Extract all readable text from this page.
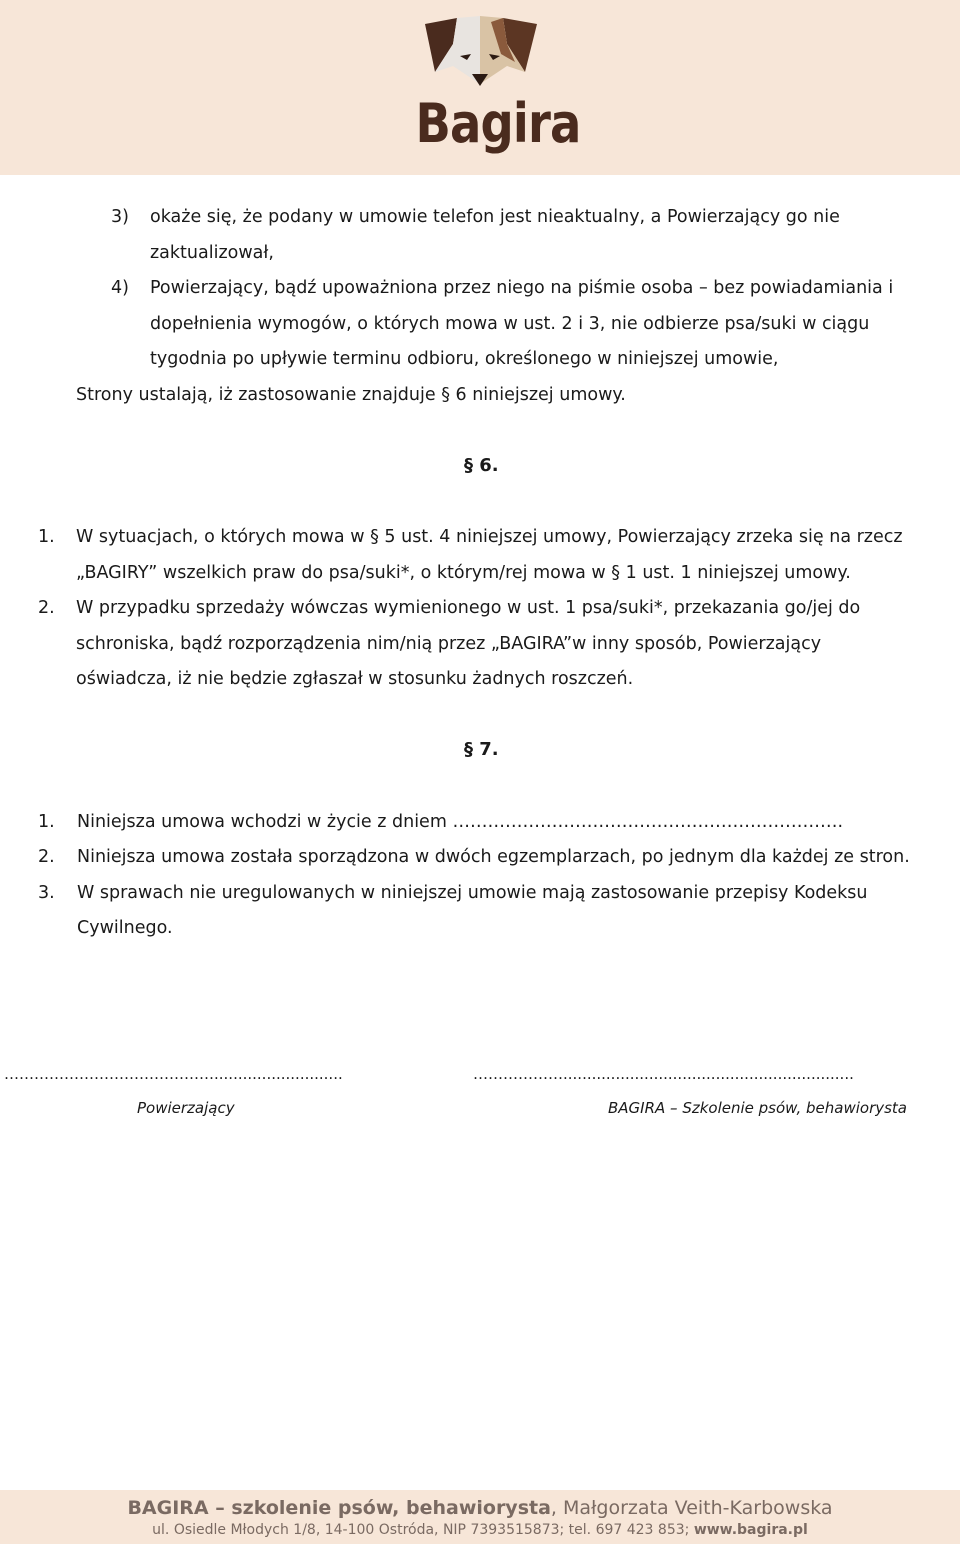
Bagira
3) okaże się, że podany w umowie telefon jest nieaktualny, a Powierzający go nie
zaktualizował,
4) Powierzający, bądź upoważniona przez niego na piśmie osoba – bez powiadamiania i
dopełnienia wymogów, o których mowa w ust. 2 i 3, nie odbierze psa/suki w ciągu
tygodnia po upływie terminu odbioru, określonego w niniejszej umowie,
Strony ustalają, iż zastosowanie znajduje § 6 niniejszej umowy.
§ 6.
1. W sytuacjach, o których mowa w § 5 ust. 4 niniejszej umowy, Powierzający zrzeka się na rzecz
„BAGIRY” wszelkich praw do psa/suki*, o którym/rej mowa w § 1 ust. 1 niniejszej umowy.
2. W przypadku sprzedaży wówczas wymienionego w ust. 1 psa/suki*, przekazania go/jej do
schroniska, bądź rozporządzenia nim/nią przez „BAGIRA”w inny sposób, Powierzający
oświadcza, iż nie będzie zgłaszał w stosunku żadnych roszczeń.
§ 7.
1. Niniejsza umowa wchodzi w życie z dniem ………………………………………………………….
2. Niniejsza umowa została sporządzona w dwóch egzemplarzach, po jednym dla każdej ze stron.
3. W sprawach nie uregulowanych w niniejszej umowie mają zastosowanie przepisy Kodeksu
Cywilnego.
……………………………………...........................	……………….............................................................
Powierzający	BAGIRA – Szkolenie psów, behawiorysta
BAGIRA – szkolenie psów, behawiorysta, Małgorzata Veith-Karbowska
ul. Osiedle Młodych 1/8, 14-100 Ostróda, NIP 7393515873; tel. 697 423 853; www.bagira.pl
